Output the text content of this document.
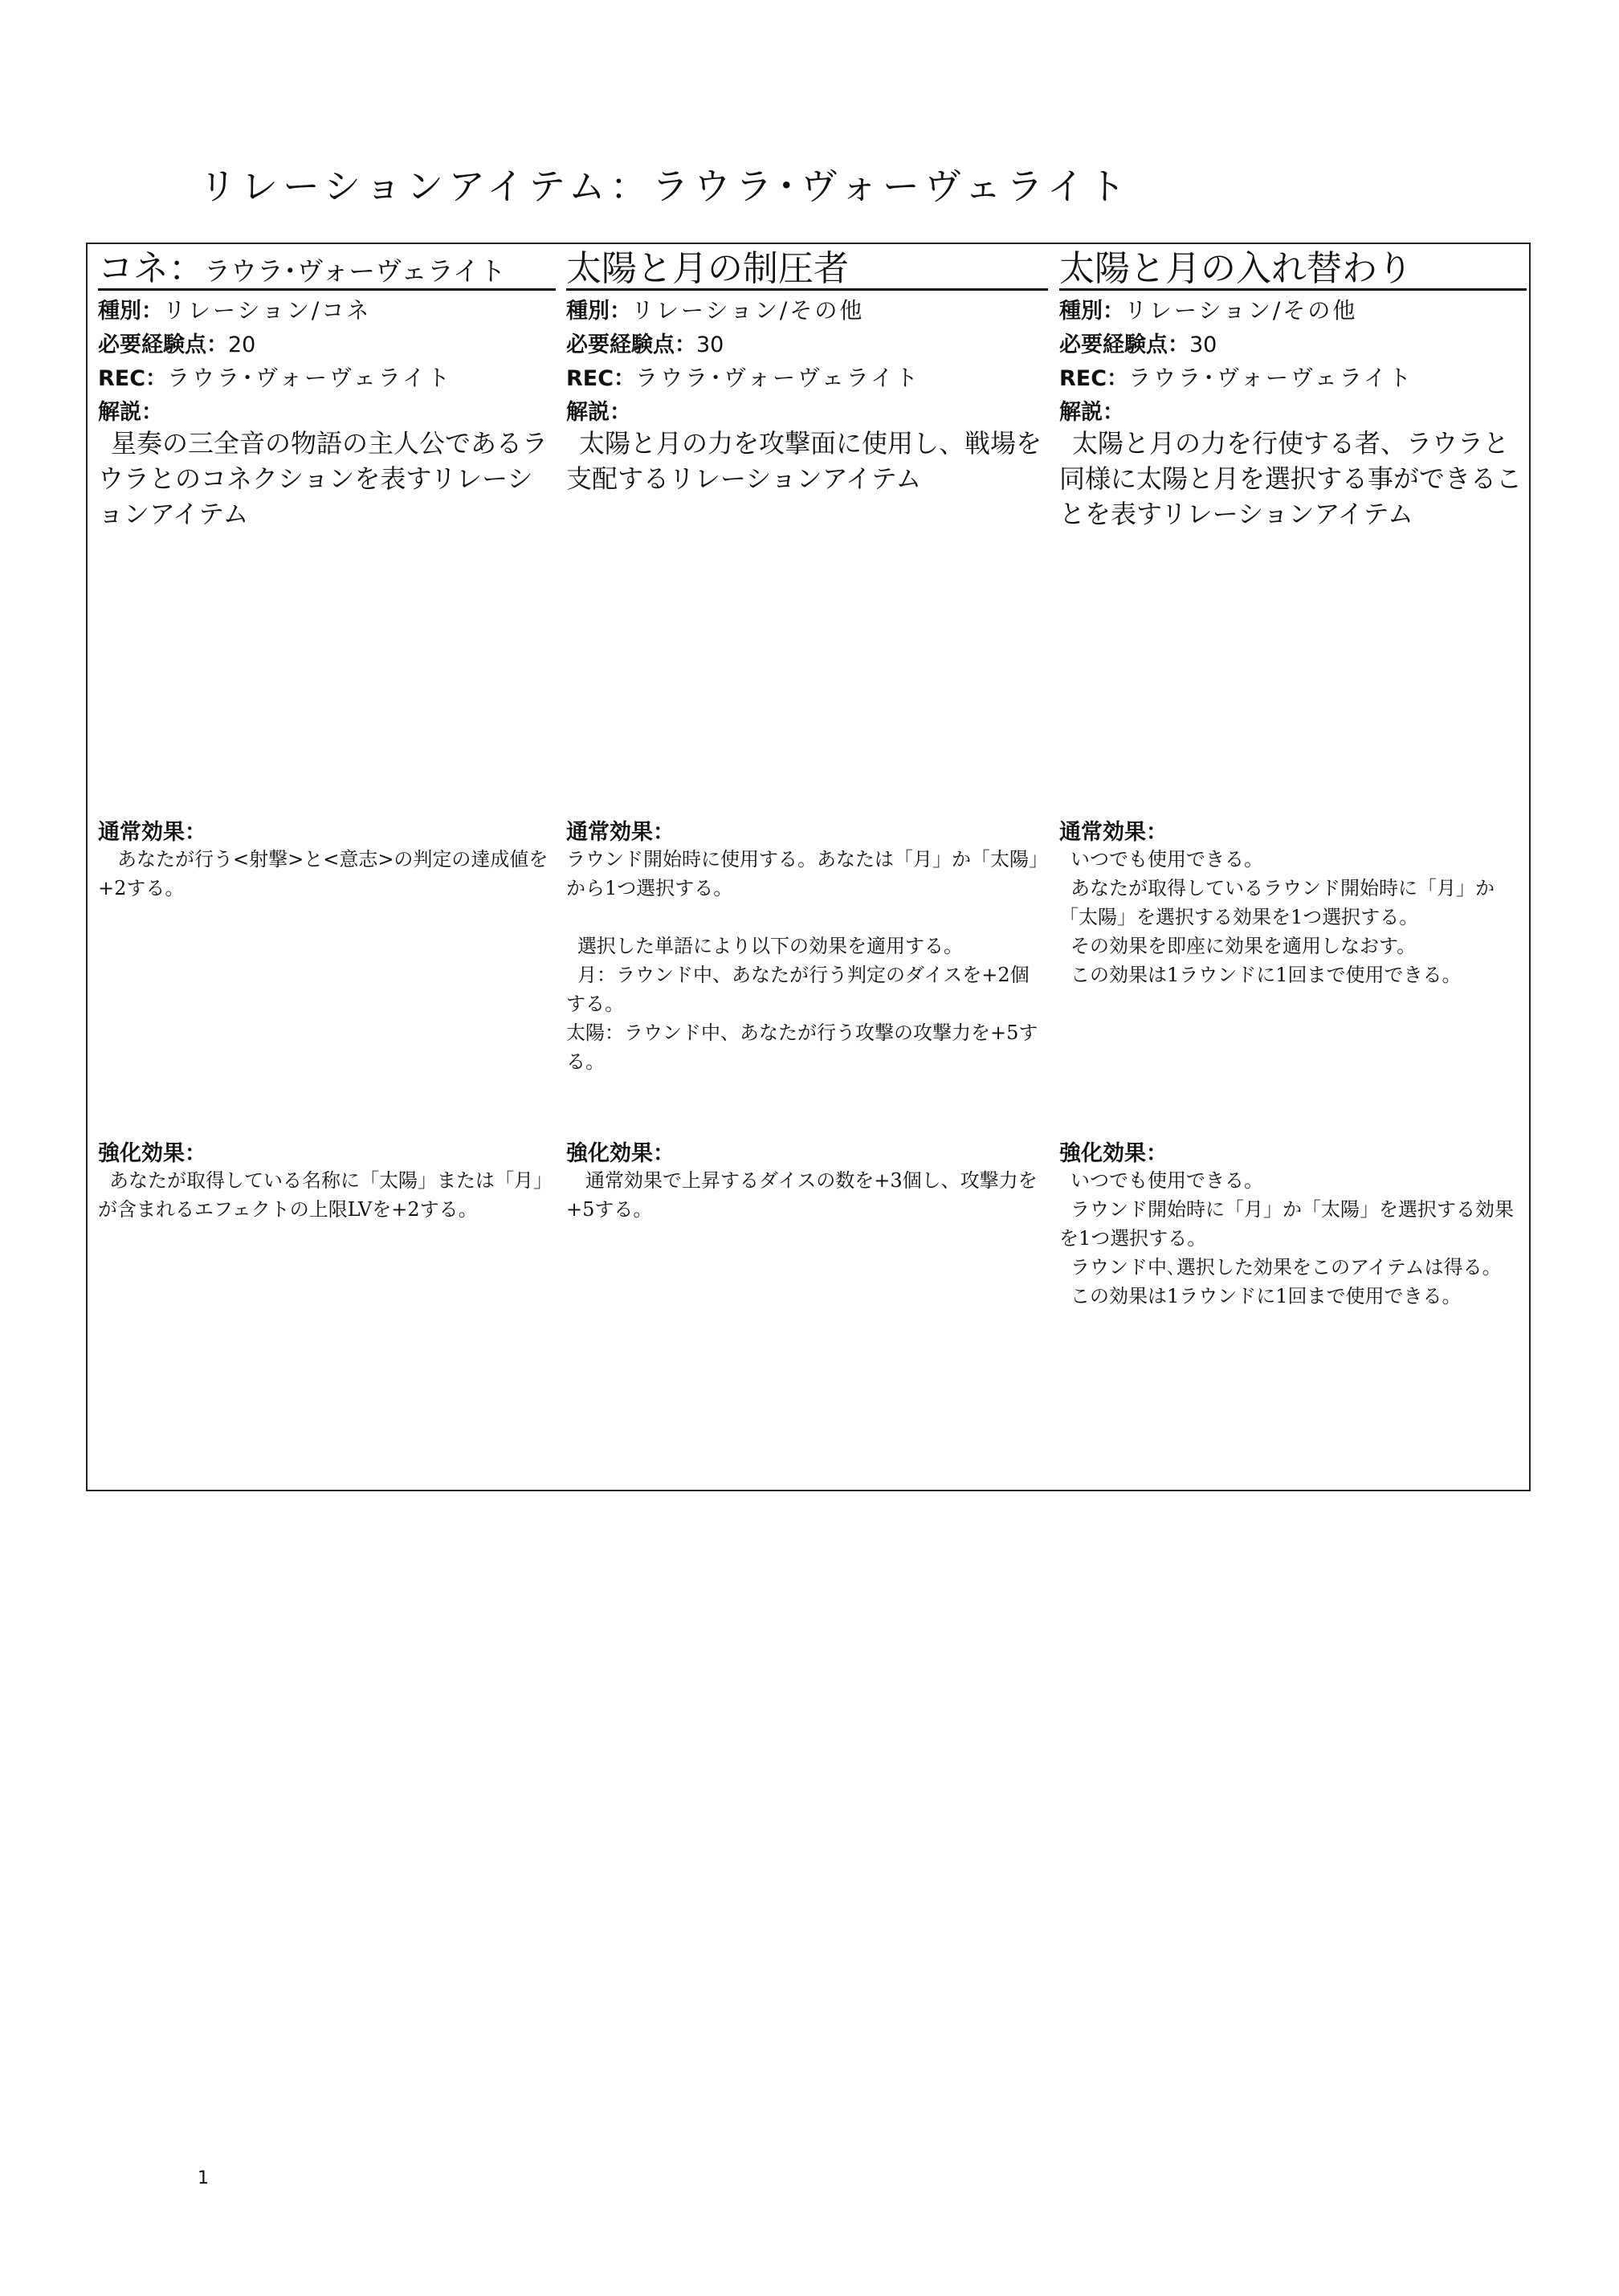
リレーションアイテム：ラウラ･ヴォーヴェライト
コネ：ラウラ･ヴォーヴェライト
種別：リレーション/コネ
必要経験点：20
REC：ラウラ･ヴォーヴェライト
解説：
星奏の三全音の物語の主人公であるラウラとのコネクションを表すリレーションアイテム
通常効果：

　あなたが行う<射撃>と<意志>の判定の達成値を+2する。

強化効果：

あなたが取得している名称に「太陽」または「月」が含まれるエフェクトの上限LVを+2する。

太陽と月の制圧者
種別：リレーション/その他
必要経験点：30
REC：ラウラ･ヴォーヴェライト
解説：
太陽と月の力を攻撃面に使用し、戦場を支配するリレーションアイテム
通常効果：

ラウンド開始時に使用する。あなたは「月」か「太陽」から1つ選択する。

選択した単語により以下の効果を適用する。

月：ラウンド中、あなたが行う判定のダイスを+2個する。

太陽：ラウンド中、あなたが行う攻撃の攻撃力を+5する。

強化効果：

　通常効果で上昇するダイスの数を+3個し、攻撃力を+5する。

太陽と月の入れ替わり
種別：リレーション/その他
必要経験点：30
REC：ラウラ･ヴォーヴェライト
解説：
太陽と月の力を行使する者、ラウラと同様に太陽と月を選択する事ができることを表すリレーションアイテム
通常効果：

いつでも使用できる。

あなたが取得しているラウンド開始時に「月」か「太陽」を選択する効果を1つ選択する。

その効果を即座に効果を適用しなおす。

この効果は1ラウンドに1回まで使用できる。

強化効果：

いつでも使用できる。

ラウンド開始時に「月」か「太陽」を選択する効果を1つ選択する。

ラウンド中､選択した効果をこのアイテムは得る。

この効果は1ラウンドに1回まで使用できる。

1
